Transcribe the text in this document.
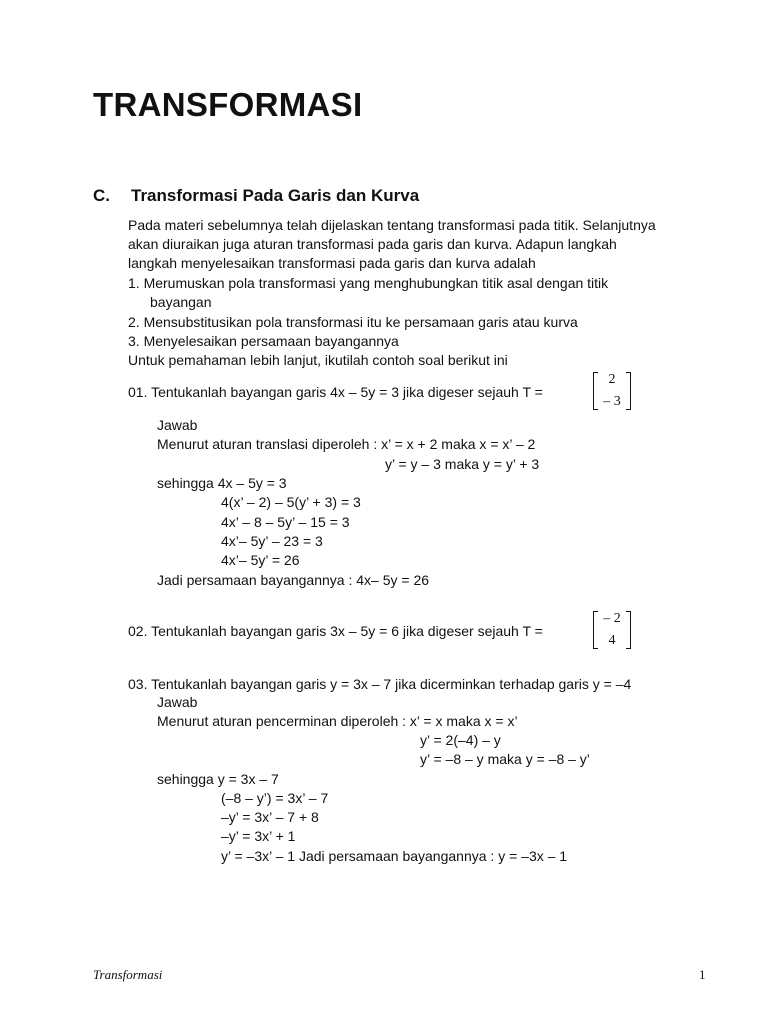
TRANSFORMASI
C. Transformasi Pada Garis dan Kurva
Pada materi sebelumnya telah dijelaskan tentang transformasi pada titik. Selanjutnya
akan diuraikan juga aturan transformasi pada garis dan kurva. Adapun langkah
langkah menyelesaikan transformasi pada garis dan kurva adalah
1. Merumuskan pola transformasi yang menghubungkan titik asal dengan titik
bayangan
2. Mensubstitusikan pola transformasi itu ke persamaan garis atau kurva
3. Menyelesaikan persamaan bayangannya
Untuk pemahaman lebih lanjut, ikutilah contoh soal berikut ini
01. Tentukanlah bayangan garis 4x – 5y = 3 jika digeser sejauh T =
2
– 3
Jawab
Menurut aturan translasi diperoleh : x’ = x + 2 maka x = x’ – 2
y’ = y – 3 maka y = y’ + 3
sehingga 4x – 5y = 3
4(x’ – 2) – 5(y’ + 3) = 3
4x’ – 8 – 5y’ – 15 = 3
4x’– 5y’ – 23 = 3
4x’– 5y’ = 26
Jadi persamaan bayangannya : 4x– 5y = 26
02. Tentukanlah bayangan garis 3x – 5y = 6 jika digeser sejauh T =
– 2
4
03. Tentukanlah bayangan garis y = 3x – 7 jika dicerminkan terhadap garis y = –4
Jawab
Menurut aturan pencerminan diperoleh : x’ = x maka x = x’
y’ = 2(–4) – y
y’ = –8 – y maka y = –8 – y’
sehingga y = 3x – 7
(–8 – y’) = 3x’ – 7
–y’ = 3x’ – 7 + 8
–y’ = 3x’ + 1
y’ = –3x’ – 1 Jadi persamaan bayangannya : y = –3x – 1
Transformasi	1
